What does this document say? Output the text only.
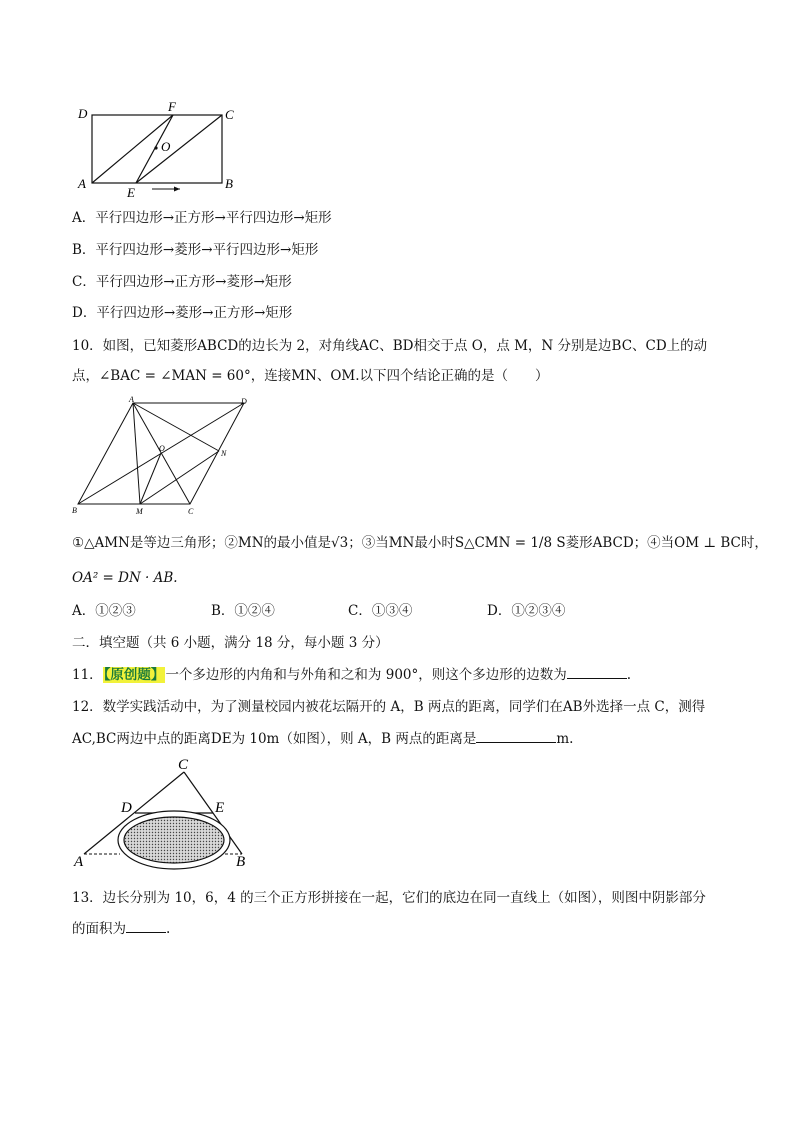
D	F
C
O
A
E
B
A．平行四边形→正方形→平行四边形→矩形
B．平行四边形→菱形→平行四边形→矩形
C．平行四边形→正方形→菱形→矩形
D．平行四边形→菱形→正方形→矩形
10．如图，已知菱形ABCD的边长为 2，对角线AC、BD相交于点 O，点 M，N 分别是边BC、CD上的动
点，∠BAC = ∠MAN = 60°，连接MN、OM.以下四个结论正确的是（　　）
A	D
O
N
B	M	C
①△AMN是等边三角形；②MN的最小值是√3；③当MN最小时S△CMN = 1/8 S菱形ABCD；④当OM ⊥ BC时，
OA² = DN · AB.
A．①②③	B．①②④	C．①③④	D．①②③④
二．填空题（共 6 小题，满分 18 分，每小题 3 分）
11．【原创题】一个多边形的内角和与外角和之和为 900°，则这个多边形的边数为	.
12．数学实践活动中，为了测量校园内被花坛隔开的 A，B 两点的距离，同学们在AB外选择一点 C，测得
AC,BC两边中点的距离DE为 10m（如图），则 A，B 两点的距离是	m.
C
D	E
A	B
13．边长分别为 10，6，4 的三个正方形拼接在一起，它们的底边在同一直线上（如图），则图中阴影部分
的面积为	.
